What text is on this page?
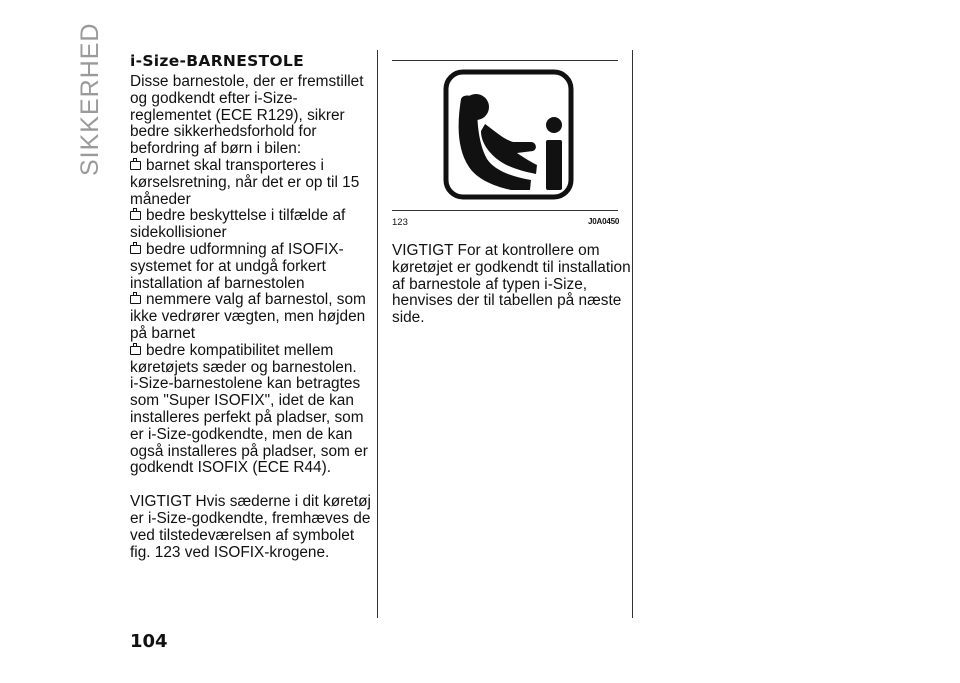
SIKKERHED	i-Size-BARNESTOLE

Disse barnestole, der er fremstillet og godkendt efter i-Size-reglementet (ECE R129), sikrer bedre sikkerhedsforhold for befordring af børn i bilen:

barnet skal transporteres i kørselsretning, når det er op til 15 måneder
bedre beskyttelse i tilfælde af sidekollisioner
bedre udformning af ISOFIX-systemet for at undgå forkert installation af barnestolen
nemmere valg af barnestol, som ikke vedrører vægten, men højden på barnet
bedre kompatibilitet mellem køretøjets sæder og barnestolen.

i-Size-barnestolene kan betragtes som "Super ISOFIX", idet de kan installeres perfekt på pladser, som er i-Size-godkendte, men de kan også installeres på pladser, som er godkendt ISOFIX (ECE R44).

VIGTIGT Hvis sæderne i dit køretøj er i-Size-godkendte, fremhæves de ved tilstedeværelsen af symbolet fig. 123 ved ISOFIX-krogene.

123	J0A0450

VIGTIGT For at kontrollere om køretøjet er godkendt til installation af barnestole af typen i-Size, henvises der til tabellen på næste side.

104
